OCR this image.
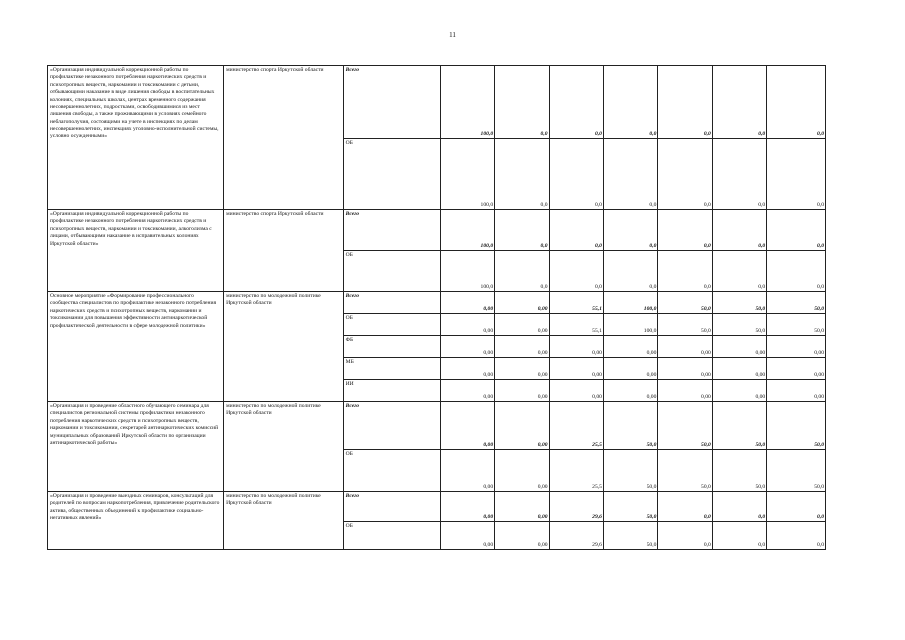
11
«Организация индивидуальной коррекционной работы по профилактике незаконного потребления наркотических средств и психотропных веществ, наркомании и токсикомании с детьми, отбывающими наказание в виде лишения свободы в воспитательных колониях, специальных школах, центрах временного содержания несовершеннолетних, подростками, освободившимися из мест лишения свободы, а также проживающими в условиях семейного неблагополучия, состоящими на учете в инспекциях по делам несовершеннолетних, инспекциях уголовно-исполнительной системы, условно осужденными»	министерство спорта Иркутской области	Всего	100,0	0,0	0,0	0,0	0,0	0,0	0,0
		ОБ	100,0	0,0	0,0	0,0	0,0	0,0	0,0
«Организация индивидуальной коррекционной работы по профилактике незаконного потребления наркотических средств и психотропных веществ, наркомании и токсикомании, алкоголизма с лицами, отбывающими наказание в исправительных колониях Иркутской области»	министерство спорта Иркутской области	Всего	100,0	0,0	0,0	0,0	0,0	0,0	0,0
		ОБ	100,0	0,0	0,0	0,0	0,0	0,0	0,0
Основное мероприятие «Формирование профессионального сообщества специалистов по профилактике незаконного потребления наркотических средств и психотропных веществ, наркомании и токсикомании для повышения эффективности антинаркотической профилактической деятельности в сфере молодежной политики»	министерство по молодежной политике Иркутской области	Всего	0,00	0,00	55,1	100,0	50,0	50,0	50,0
		ОБ	0,00	0,00	55,1	100,0	50,0	50,0	50,0
		ФБ	0,00	0,00	0,00	0,00	0,00	0,00	0,00
		МБ	0,00	0,00	0,00	0,00	0,00	0,00	0,00
		ИИ	0,00	0,00	0,00	0,00	0,00	0,00	0,00
«Организация и проведение областного обучающего семинара для специалистов региональной системы профилактики незаконного потребления наркотических средств и психотропных веществ, наркомании и токсикомании, секретарей антинаркотических комиссий муниципальных образований Иркутской области по организации антинаркотической работы»	министерство по молодежной политике Иркутской области	Всего	0,00	0,00	25,5	50,0	50,0	50,0	50,0
		ОБ	0,00	0,00	25,5	50,0	50,0	50,0	50,0
«Организация и проведение выездных семинаров, консультаций для родителей по вопросам наркопотребления, привлечение родительского актива, общественных объединений к профилактике социально-негативных явлений»	министерство по молодежной политике Иркутской области	Всего	0,00	0,00	29,6	50,0	0,0	0,0	0,0
		ОБ	0,00	0,00	29,6	50,0	0,0	0,0	0,0
